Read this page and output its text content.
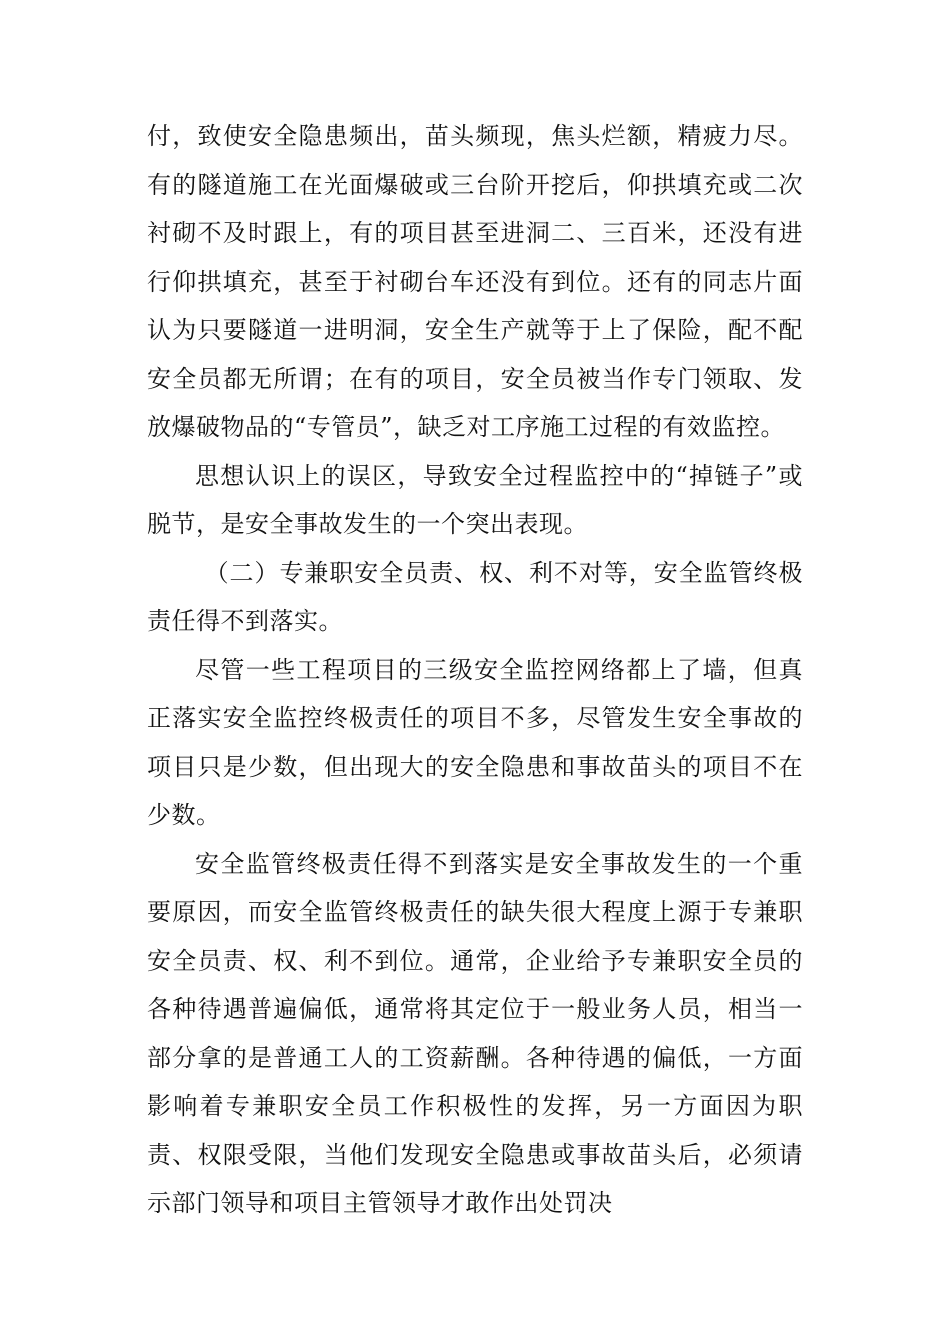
付，致使安全隐患频出，苗头频现，焦头烂额，精疲力尽。有的隧道施工在光面爆破或三台阶开挖后，仰拱填充或二次衬砌不及时跟上，有的项目甚至进洞二、三百米，还没有进行仰拱填充，甚至于衬砌台车还没有到位。还有的同志片面认为只要隧道一进明洞，安全生产就等于上了保险，配不配安全员都无所谓；在有的项目，安全员被当作专门领取、发放爆破物品的“专管员”，缺乏对工序施工过程的有效监控。

思想认识上的误区，导致安全过程监控中的“掉链子”或脱节，是安全事故发生的一个突出表现。

（二）专兼职安全员责、权、利不对等，安全监管终极责任得不到落实。

尽管一些工程项目的三级安全监控网络都上了墙，但真正落实安全监控终极责任的项目不多，尽管发生安全事故的项目只是少数，但出现大的安全隐患和事故苗头的项目不在少数。

安全监管终极责任得不到落实是安全事故发生的一个重要原因，而安全监管终极责任的缺失很大程度上源于专兼职安全员责、权、利不到位。通常，企业给予专兼职安全员的各种待遇普遍偏低，通常将其定位于一般业务人员，相当一部分拿的是普通工人的工资薪酬。各种待遇的偏低，一方面影响着专兼职安全员工作积极性的发挥，另一方面因为职责、权限受限，当他们发现安全隐患或事故苗头后，必须请示部门领导和项目主管领导才敢作出处罚决
